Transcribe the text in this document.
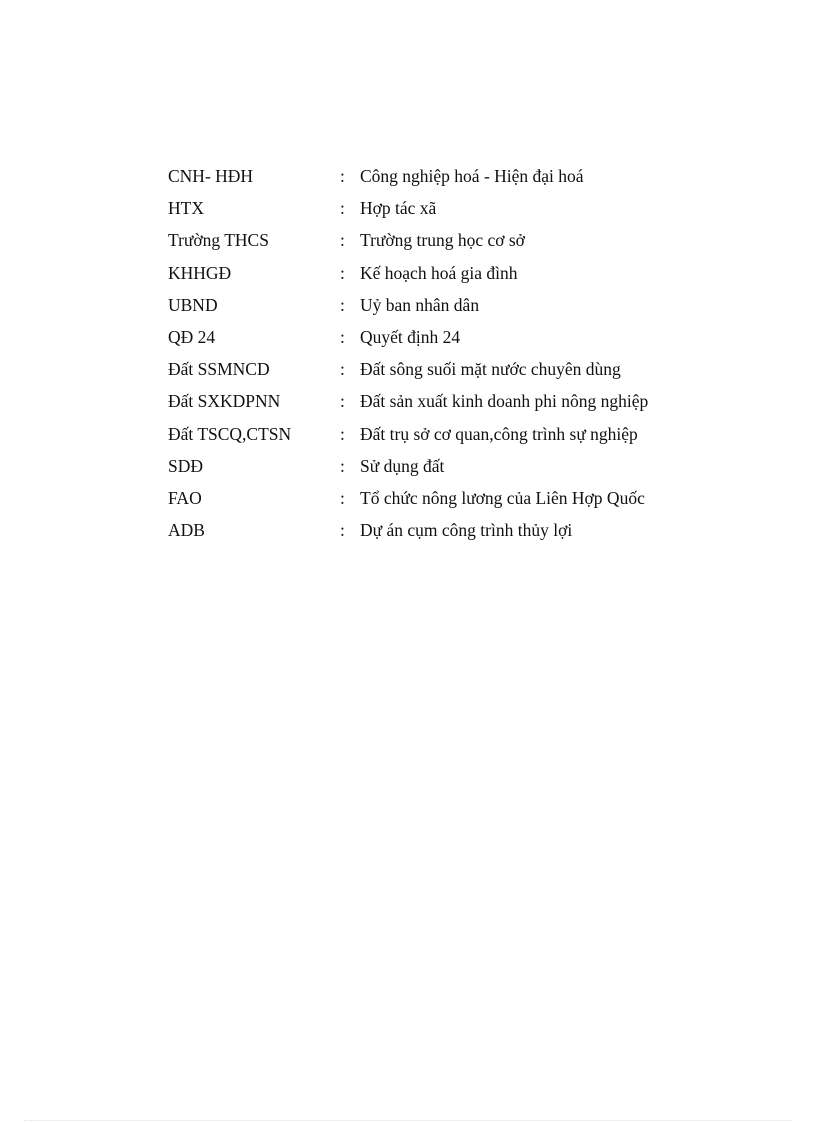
CNH- HĐH	: Công nghiệp hoá - Hiện đại hoá
HTX	: Hợp tác xã
Trường THCS	: Trường trung học cơ sở
KHHGĐ	: Kế hoạch hoá gia đình
UBND	: Uỷ ban nhân dân
QĐ 24	: Quyết định 24
Đất SSMNCD	: Đất sông suối mặt nước chuyên dùng
Đất SXKDPNN	: Đất sản xuất kinh doanh phi nông nghiệp
Đất TSCQ,CTSN	: Đất trụ sở cơ quan,công trình sự nghiệp
SDĐ	: Sử dụng đất
FAO	: Tổ chức nông lương của Liên Hợp Quốc
ADB	: Dự án cụm công trình thủy lợi
